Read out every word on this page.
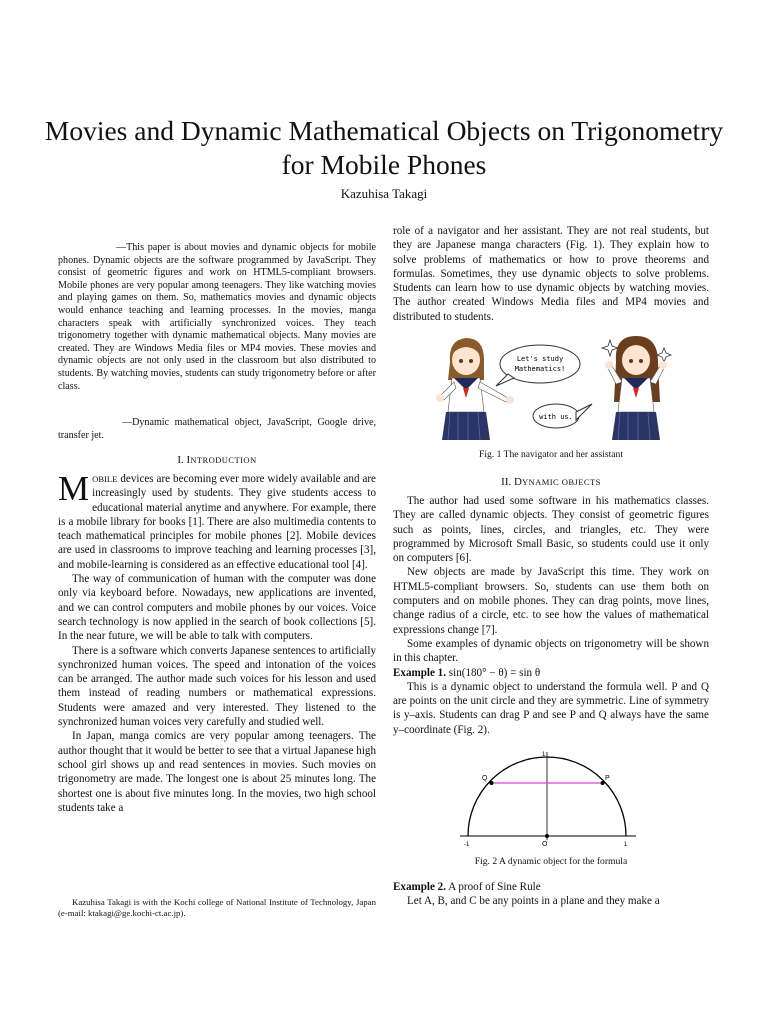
Movies and Dynamic Mathematical Objects on Trigonometry for Mobile Phones
Kazuhisa Takagi
—This paper is about movies and dynamic objects for mobile phones. Dynamic objects are the software programmed by JavaScript. They consist of geometric figures and work on HTML5-compliant browsers. Mobile phones are very popular among teenagers. They like watching movies and playing games on them. So, mathematics movies and dynamic objects would enhance teaching and learning processes. In the movies, manga characters speak with artificially synchronized voices. They teach trigonometry together with dynamic mathematical objects. Many movies are created. They are Windows Media files or MP4 movies. These movies and dynamic objects are not only used in the classroom but also distributed to students. By watching movies, students can study trigonometry before or after class.
—Dynamic mathematical object, JavaScript, Google drive, transfer jet.
I. INTRODUCTION

MOBILE devices are becoming ever more widely available and are increasingly used by students. They give students access to educational material anytime and anywhere. For example, there is a mobile library for books [1]. There are also multimedia contents to teach mathematical principles for mobile phones [2]. Mobile devices are used in classrooms to improve teaching and learning processes [3], and mobile-learning is considered as an effective educational tool [4].

The way of communication of human with the computer was done only via keyboard before. Nowadays, new applications are invented, and we can control computers and mobile phones by our voices. Voice search technology is now applied in the search of book collections [5]. In the near future, we will be able to talk with computers.

There is a software which converts Japanese sentences to artificially synchronized human voices. The speed and intonation of the voices can be arranged. The author made such voices for his lesson and used them instead of reading numbers or mathematical expressions. Students were amazed and very interested. They listened to the synchronized human voices very carefully and studied well.

In Japan, manga comics are very popular among teenagers. The author thought that it would be better to see that a virtual Japanese high school girl shows up and read sentences in movies. Such movies on trigonometry are made. The longest one is about 25 minutes long. The shortest one is about five minutes long. In the movies, two high school students take a

Kazuhisa Takagi is with the Kochi college of National Institute of Technology, Japan (e-mail: ktakagi@ge.kochi-ct.ac.jp).

role of a navigator and her assistant. They are not real students, but they are Japanese manga characters (Fig. 1). They explain how to solve problems of mathematics or how to prove theorems and formulas. Sometimes, they use dynamic objects to solve problems. Students can learn how to use dynamic objects by watching movies. The author created Windows Media files and MP4 movies and distributed to students.

Let's study
Mathematics!
with us.
Fig. 1 The navigator and her assistant
II. DYNAMIC OBJECTS

The author had used some software in his mathematics classes. They are called dynamic objects. They consist of geometric figures such as points, lines, circles, and triangles, etc. They were programmed by Microsoft Small Basic, so students could use it only on computers [6].

New objects are made by JavaScript this time. They work on HTML5-compliant browsers. So, students can use them both on computers and on mobile phones. They can drag points, move lines, change radius of a circle, etc. to see how the values of mathematical expressions change [7].

Some examples of dynamic objects on trigonometry will be shown in this chapter.

Example 1. sin(180° − θ) = sin θ

This is a dynamic object to understand the formula well. P and Q are points on the unit circle and they are symmetric. Line of symmetry is y–axis. Students can drag P and see P and Q always have the same y–coordinate (Fig. 2).

Q	P
1
-1	O	1
Fig. 2 A dynamic object for the formula

Example 2. A proof of Sine Rule

Let A, B, and C be any points in a plane and they make a
